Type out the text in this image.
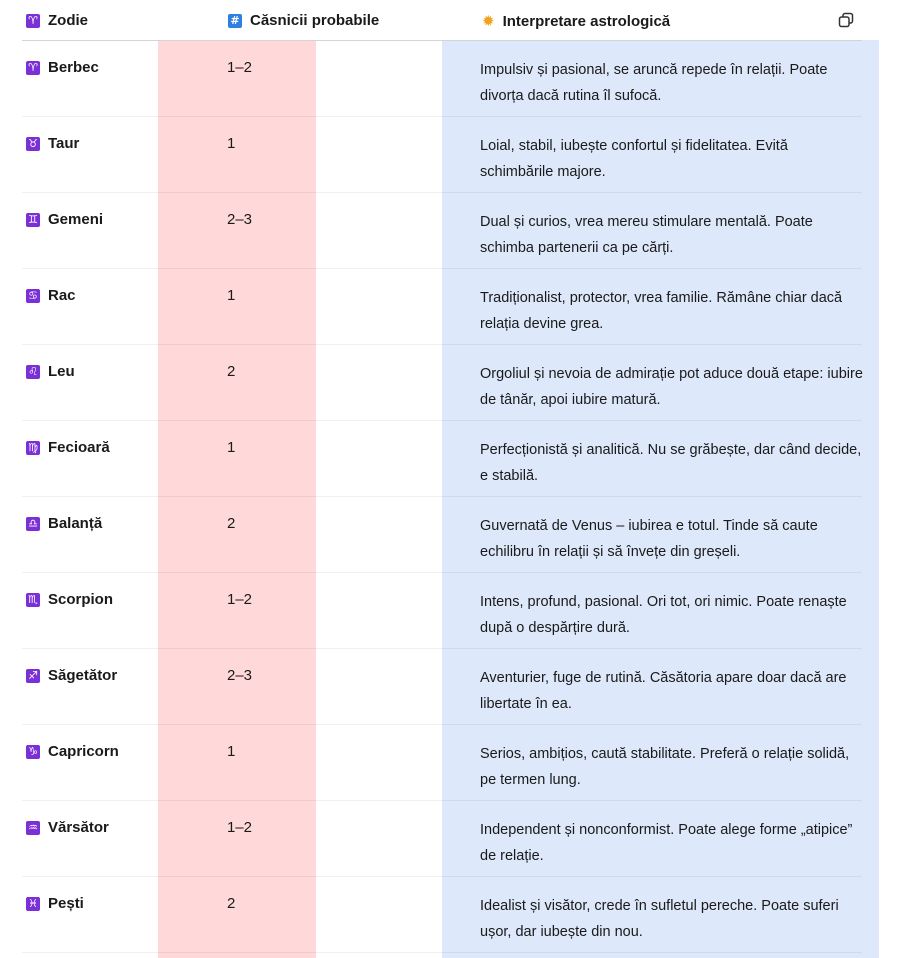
♈ Zodie	# Căsnicii probabile	✹ Interpretare astrologică
♈ Berbec	1–2	Impulsiv și pasional, se aruncă repede în relații. Poate divorța dacă rutina îl sufocă.
♉ Taur	1	Loial, stabil, iubește confortul și fidelitatea. Evită schimbările majore.
♊ Gemeni	2–3	Dual și curios, vrea mereu stimulare mentală. Poate schimba partenerii ca pe cărți.
♋ Rac	1	Tradiționalist, protector, vrea familie. Rămâne chiar dacă relația devine grea.
♌ Leu	2	Orgoliul și nevoia de admirație pot aduce două etape: iubire de tânăr, apoi iubire matură.
♍ Fecioară	1	Perfecționistă și analitică. Nu se grăbește, dar când decide, e stabilă.
♎ Balanță	2	Guvernată de Venus – iubirea e totul. Tinde să caute echilibru în relații și să învețe din greșeli.
♏ Scorpion	1–2	Intens, profund, pasional. Ori tot, ori nimic. Poate renaște după o despărțire dură.
♐ Săgetător	2–3	Aventurier, fuge de rutină. Căsătoria apare doar dacă are libertate în ea.
♑ Capricorn	1	Serios, ambițios, caută stabilitate. Preferă o relație solidă, pe termen lung.
♒ Vărsător	1–2	Independent și nonconformist. Poate alege forme „atipice” de relație.
♓ Pești	2	Idealist și visător, crede în sufletul pereche. Poate suferi ușor, dar iubește din nou.
